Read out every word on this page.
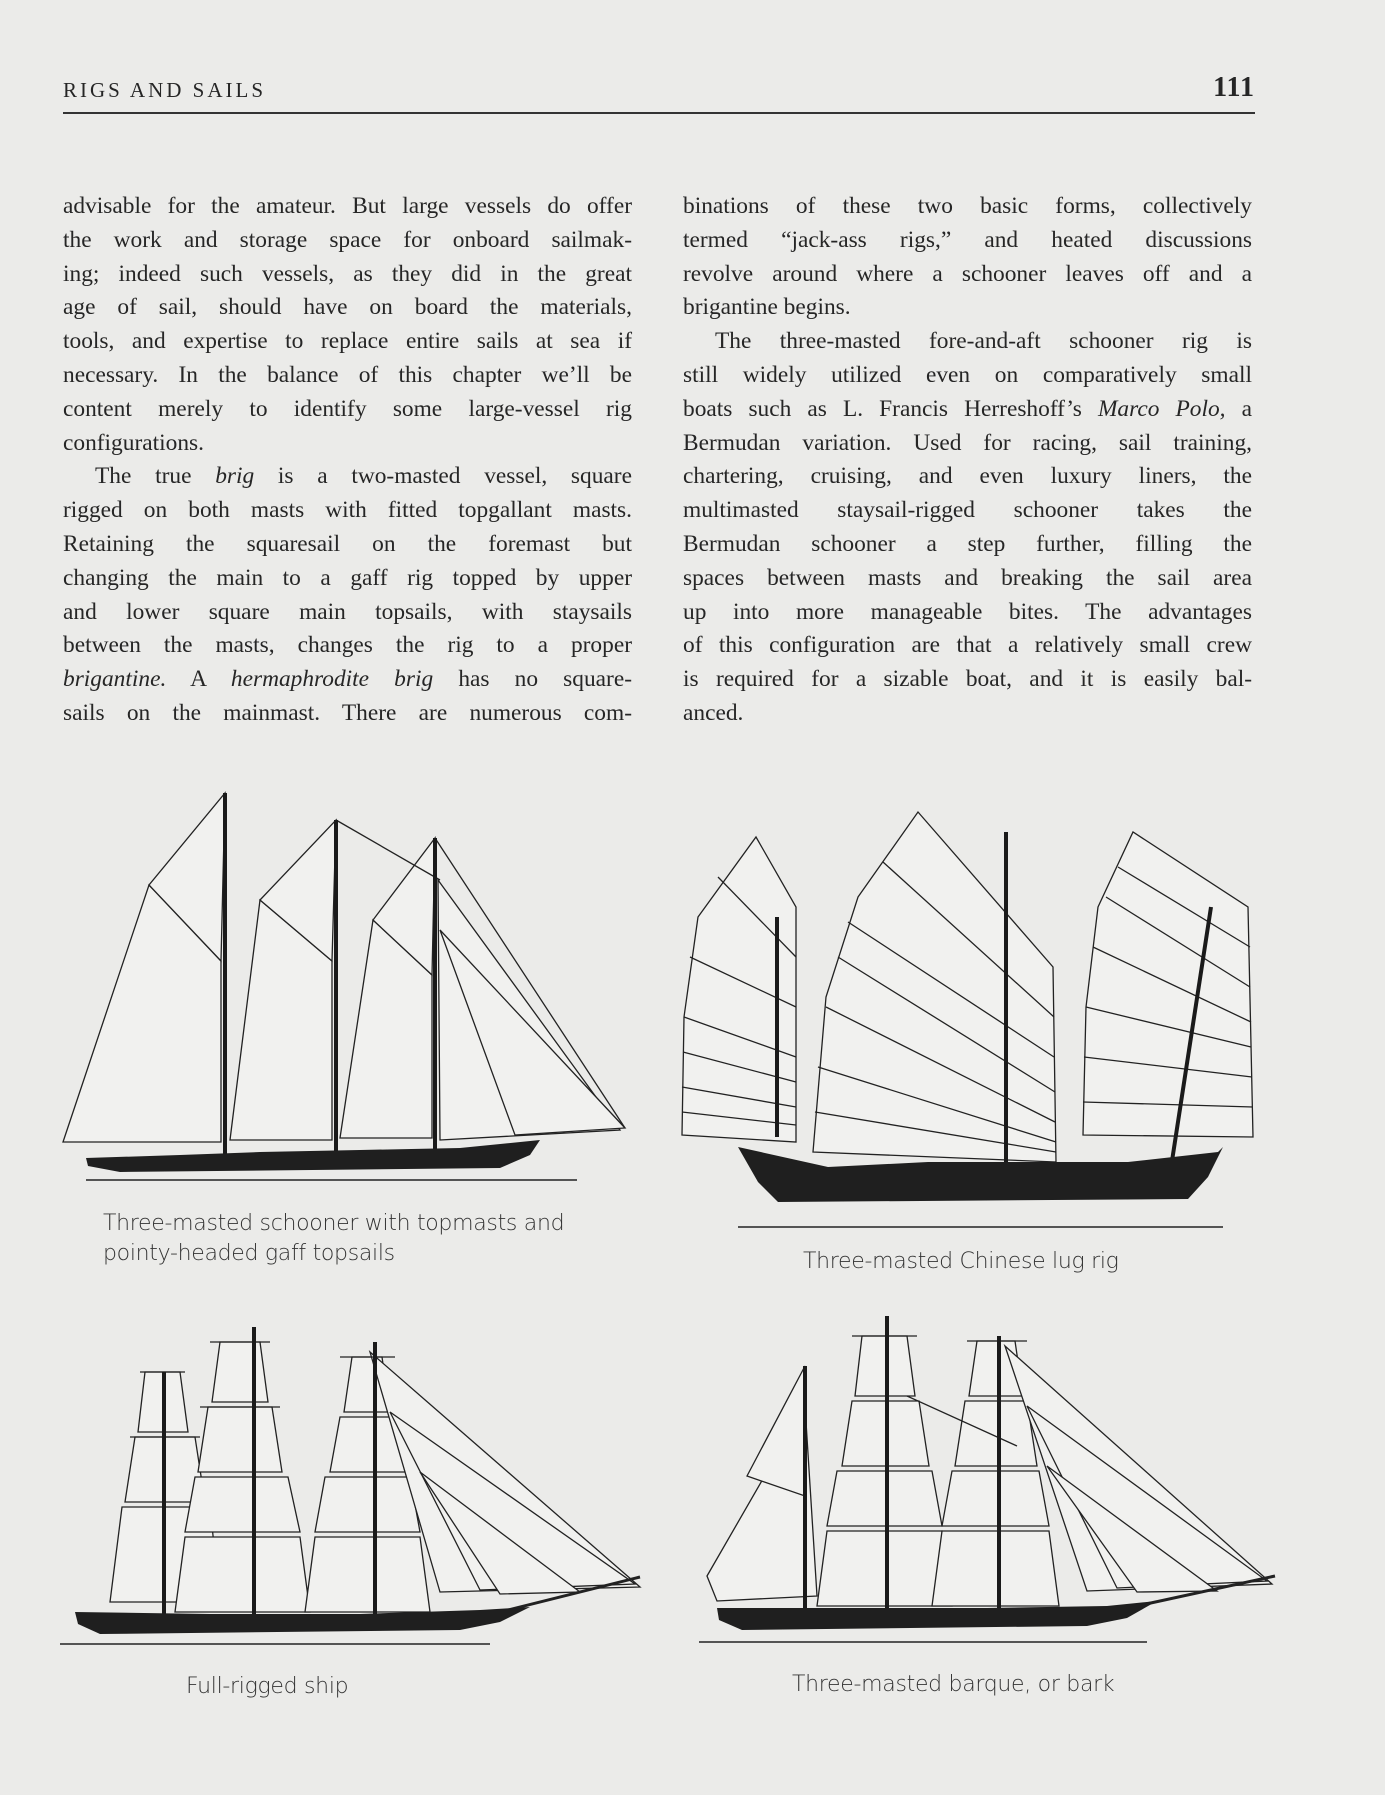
RIGS AND SAILS	111
advisable for the amateur. But large vessels do offer
the work and storage space for onboard sailmak-
ing; indeed such vessels, as they did in the great
age of sail, should have on board the materials,
tools, and expertise to replace entire sails at sea if
necessary. In the balance of this chapter we’ll be
content merely to identify some large-vessel rig
configurations.
The true brig is a two-masted vessel, square
rigged on both masts with fitted topgallant masts.
Retaining the squaresail on the foremast but
changing the main to a gaff rig topped by upper
and lower square main topsails, with staysails
between the masts, changes the rig to a proper
brigantine. A hermaphrodite brig has no square-
sails on the mainmast. There are numerous com-
binations of these two basic forms, collectively
termed “jack-ass rigs,” and heated discussions
revolve around where a schooner leaves off and a
brigantine begins.
The three-masted fore-and-aft schooner rig is
still widely utilized even on comparatively small
boats such as L. Francis Herreshoff’s Marco Polo, a
Bermudan variation. Used for racing, sail training,
chartering, cruising, and even luxury liners, the
multimasted staysail-rigged schooner takes the
Bermudan schooner a step further, filling the
spaces between masts and breaking the sail area
up into more manageable bites. The advantages
of this configuration are that a relatively small crew
is required for a sizable boat, and it is easily bal-
anced.
Three-masted schooner with topmasts and
pointy-headed gaff topsails	Three-masted Chinese lug rig
Full-rigged ship	Three-masted barque, or bark
